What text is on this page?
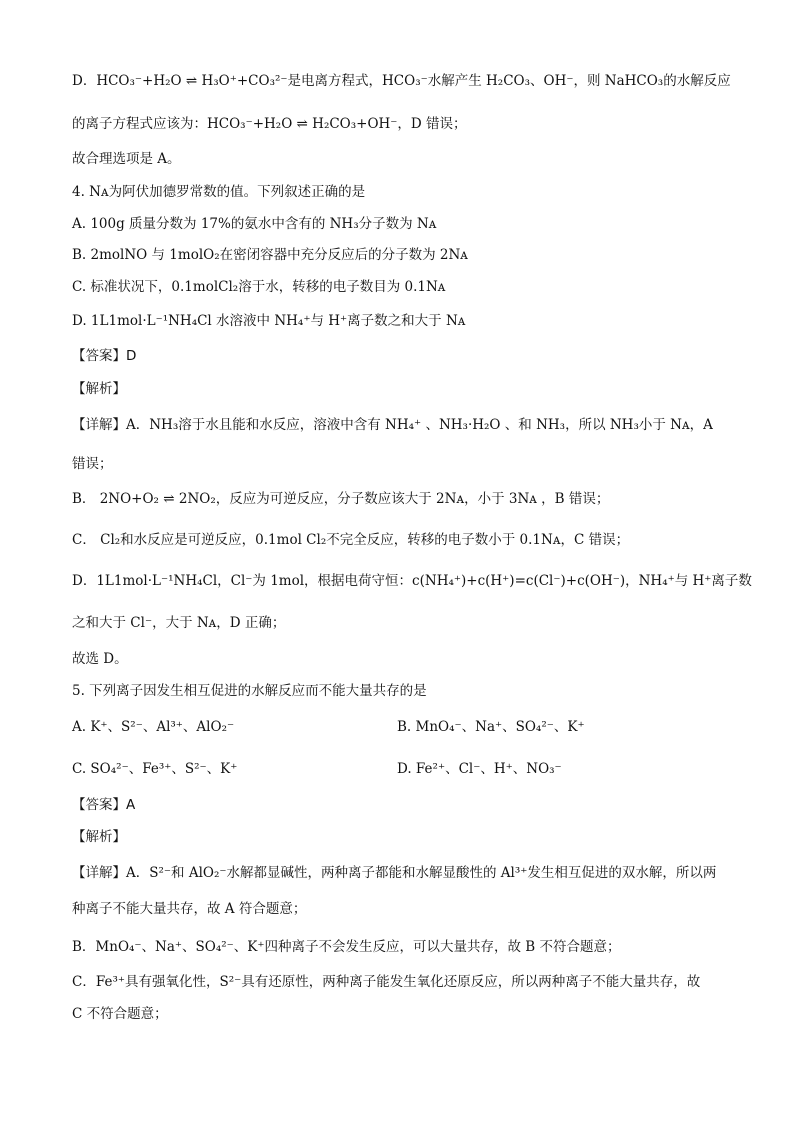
D．HCO₃⁻+H₂O ⇌ H₃O⁺+CO₃²⁻是电离方程式，HCO₃⁻水解产生 H₂CO₃、OH⁻，则 NaHCO₃的水解反应
的离子方程式应该为：HCO₃⁻+H₂O ⇌ H₂CO₃+OH⁻，D 错误；
故合理选项是 A。
4. Nᴀ为阿伏加德罗常数的值。下列叙述正确的是
A. 100g 质量分数为 17%的氨水中含有的 NH₃分子数为 Nᴀ
B. 2molNO 与 1molO₂在密闭容器中充分反应后的分子数为 2Nᴀ
C. 标准状况下，0.1molCl₂溶于水，转移的电子数目为 0.1Nᴀ
D. 1L1mol·L⁻¹NH₄Cl 水溶液中 NH₄⁺与 H⁺离子数之和大于 Nᴀ
【答案】D
【解析】
【详解】A．NH₃溶于水且能和水反应，溶液中含有 NH₄⁺ 、NH₃·H₂O 、和 NH₃，所以 NH₃小于 Nᴀ，A
错误；
B． 2NO+O₂ ⇌ 2NO₂，反应为可逆反应，分子数应该大于 2Nᴀ，小于 3Nᴀ ，B 错误；
C． Cl₂和水反应是可逆反应，0.1mol Cl₂不完全反应，转移的电子数小于 0.1Nᴀ，C 错误；
D．1L1mol·L⁻¹NH₄Cl，Cl⁻为 1mol，根据电荷守恒：c(NH₄⁺)+c(H⁺)=c(Cl⁻)+c(OH⁻)，NH₄⁺与 H⁺离子数
之和大于 Cl⁻，大于 Nᴀ，D 正确；
故选 D。
5. 下列离子因发生相互促进的水解反应而不能大量共存的是
A. K⁺、S²⁻、Al³⁺、AlO₂⁻	B. MnO₄⁻、Na⁺、SO₄²⁻、K⁺
C. SO₄²⁻、Fe³⁺、S²⁻、K⁺	D. Fe²⁺、Cl⁻、H⁺、NO₃⁻
【答案】A
【解析】
【详解】A．S²⁻和 AlO₂⁻水解都显碱性，两种离子都能和水解显酸性的 Al³⁺发生相互促进的双水解，所以两
种离子不能大量共存，故 A 符合题意；
B．MnO₄⁻、Na⁺、SO₄²⁻、K⁺四种离子不会发生反应，可以大量共存，故 B 不符合题意；
C．Fe³⁺具有强氧化性，S²⁻具有还原性，两种离子能发生氧化还原反应，所以两种离子不能大量共存，故
C 不符合题意；
